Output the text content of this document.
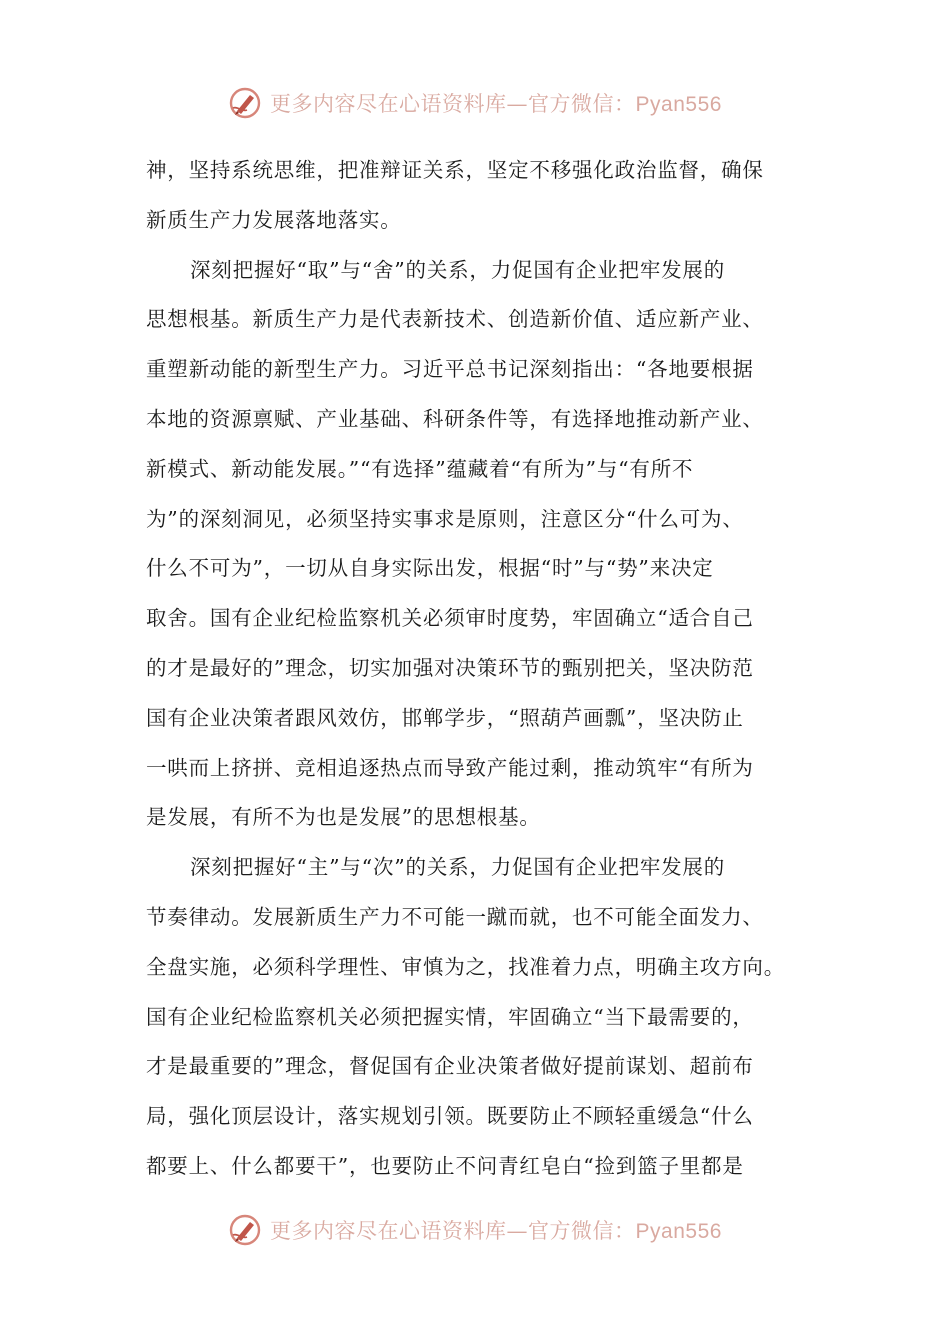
更多内容尽在心语资料库—官方微信：Pyan556
神，坚持系统思维，把准辩证关系，坚定不移强化政治监督，确保
新质生产力发展落地落实。
深刻把握好“取”与“舍”的关系，力促国有企业把牢发展的
思想根基。新质生产力是代表新技术、创造新价值、适应新产业、
重塑新动能的新型生产力。习近平总书记深刻指出：“各地要根据
本地的资源禀赋、产业基础、科研条件等，有选择地推动新产业、
新模式、新动能发展。”“有选择”蕴藏着“有所为”与“有所不
为”的深刻洞见，必须坚持实事求是原则，注意区分“什么可为、
什么不可为”，一切从自身实际出发，根据“时”与“势”来决定
取舍。国有企业纪检监察机关必须审时度势，牢固确立“适合自己
的才是最好的”理念，切实加强对决策环节的甄别把关，坚决防范
国有企业决策者跟风效仿，邯郸学步，“照葫芦画瓢”，坚决防止
一哄而上挤拼、竞相追逐热点而导致产能过剩，推动筑牢“有所为
是发展，有所不为也是发展”的思想根基。
深刻把握好“主”与“次”的关系，力促国有企业把牢发展的
节奏律动。发展新质生产力不可能一蹴而就，也不可能全面发力、
全盘实施，必须科学理性、审慎为之，找准着力点，明确主攻方向。
国有企业纪检监察机关必须把握实情，牢固确立“当下最需要的，
才是最重要的”理念，督促国有企业决策者做好提前谋划、超前布
局，强化顶层设计，落实规划引领。既要防止不顾轻重缓急“什么
都要上、什么都要干”，也要防止不问青红皂白“捡到篮子里都是
更多内容尽在心语资料库—官方微信：Pyan556
